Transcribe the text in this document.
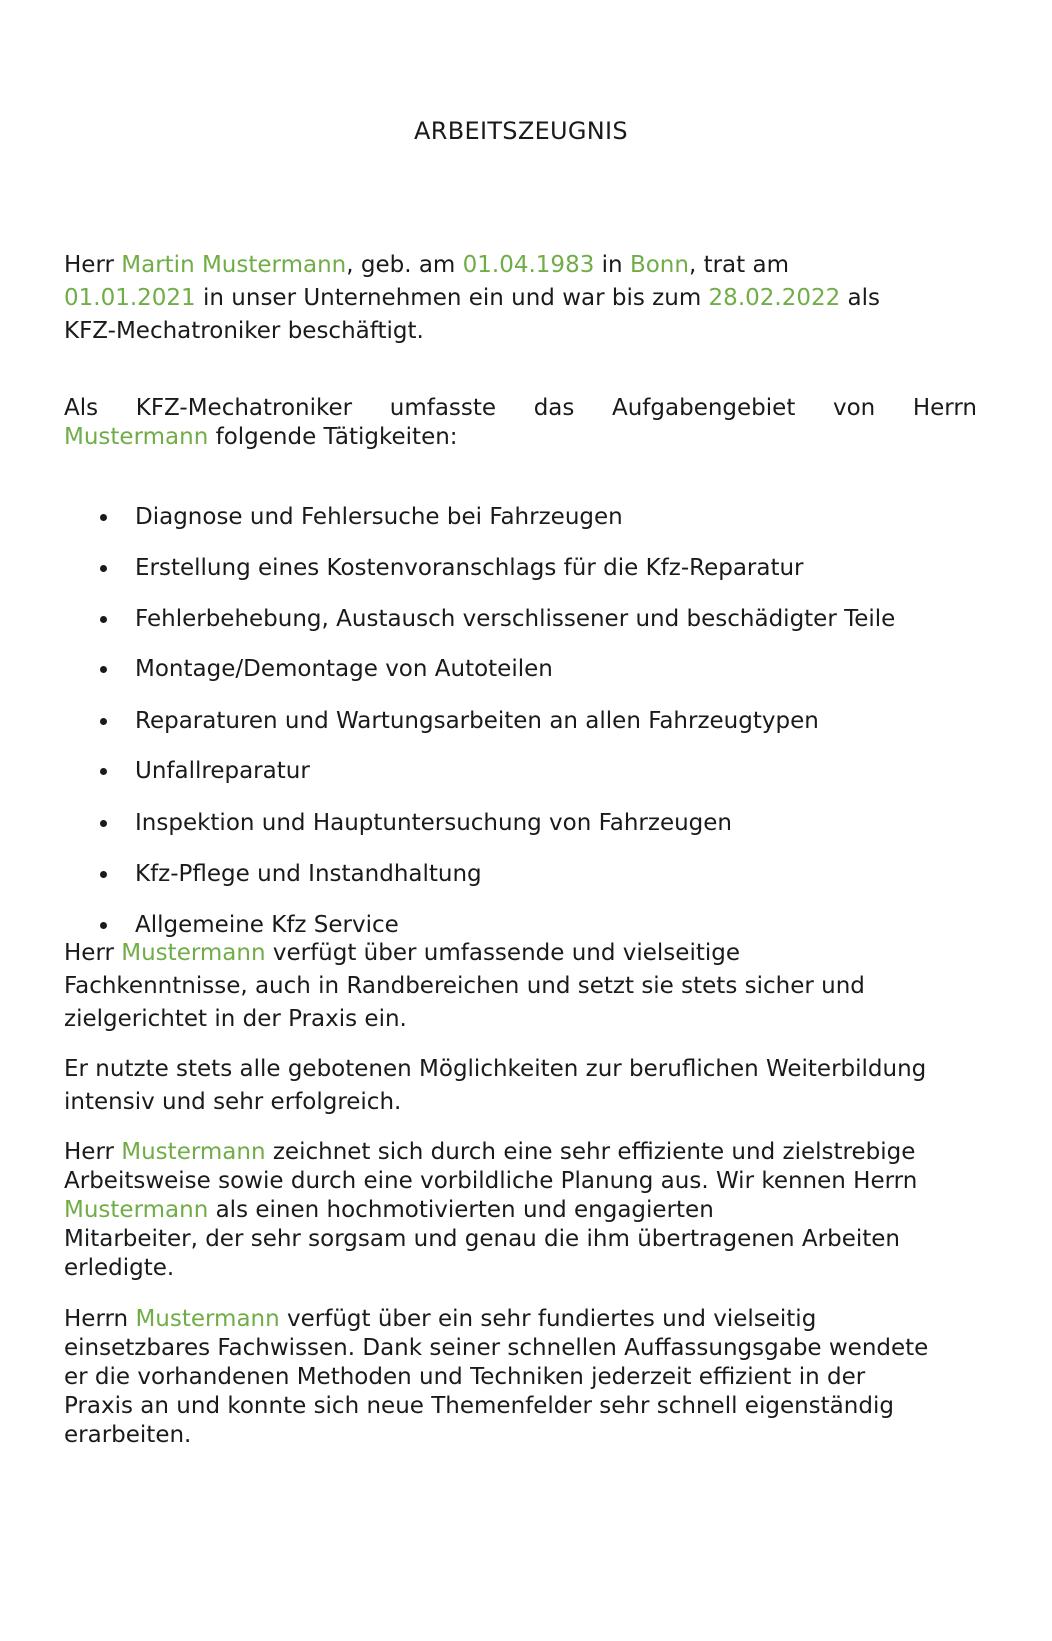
ARBEITSZEUGNIS
Herr Martin Mustermann, geb. am 01.04.1983 in Bonn, trat am
01.01.2021 in unser Unternehmen ein und war bis zum 28.02.2022 als
KFZ-Mechatroniker beschäftigt.
Als KFZ-Mechatroniker umfasste das Aufgabengebiet von Herrn
Mustermann folgende Tätigkeiten:
Diagnose und Fehlersuche bei Fahrzeugen
Erstellung eines Kostenvoranschlags für die Kfz-Reparatur
Fehlerbehebung, Austausch verschlissener und beschädigter Teile
Montage/Demontage von Autoteilen
Reparaturen und Wartungsarbeiten an allen Fahrzeugtypen
Unfallreparatur
Inspektion und Hauptuntersuchung von Fahrzeugen
Kfz-Pflege und Instandhaltung
Allgemeine Kfz Service
Herr Mustermann verfügt über umfassende und vielseitige
Fachkenntnisse, auch in Randbereichen und setzt sie stets sicher und
zielgerichtet in der Praxis ein.
Er nutzte stets alle gebotenen Möglichkeiten zur beruflichen Weiterbildung
intensiv und sehr erfolgreich.
Herr Mustermann zeichnet sich durch eine sehr effiziente und zielstrebige
Arbeitsweise sowie durch eine vorbildliche Planung aus. Wir kennen Herrn
Mustermann als einen hochmotivierten und engagierten
Mitarbeiter, der sehr sorgsam und genau die ihm übertragenen Arbeiten
erledigte.
Herrn Mustermann verfügt über ein sehr fundiertes und vielseitig
einsetzbares Fachwissen. Dank seiner schnellen Auffassungsgabe wendete
er die vorhandenen Methoden und Techniken jederzeit effizient in der
Praxis an und konnte sich neue Themenfelder sehr schnell eigenständig
erarbeiten.
